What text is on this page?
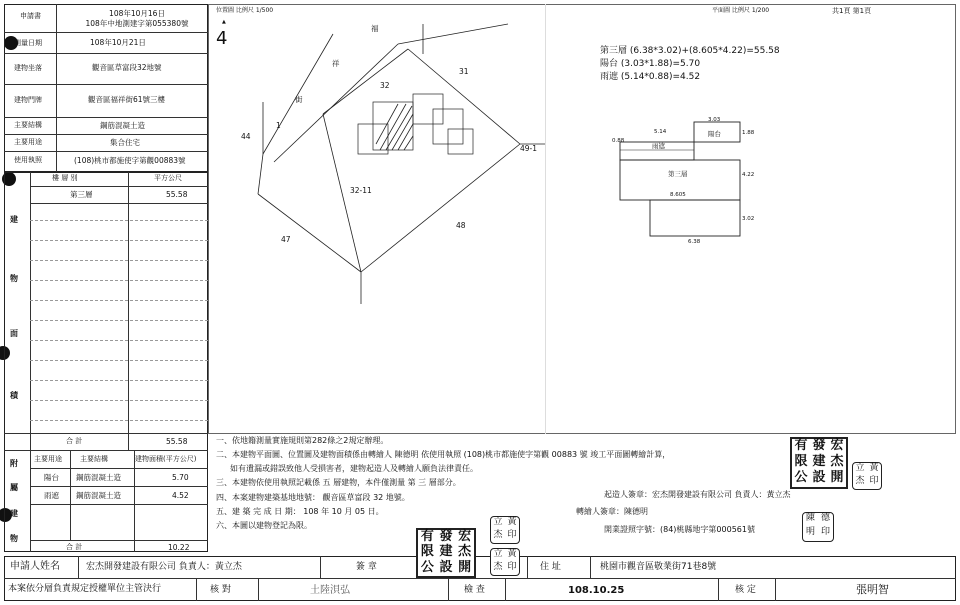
申請書	108年10月16日
108年中地測建字第055380號
測量日期	108年10月21日
建物坐落	觀音區草富段32地號
建物門牌	觀音區福祥街61號三樓
主要結構	鋼筋混凝土造
主要用途	集合住宅
使用執照	(108)桃市都施使字第觀00883號
樓 層 別	平方公尺
第三層	55.58
建
物
面
積
合 計	55.58
主要用途	主要結構	建物面積(平方公尺)
陽台 鋼筋混凝土造	5.70
雨遮 鋼筋混凝土造	4.52
附
屬
建
物
合 計	10.22
位置圖 比例尺 1/500	平面圖 比例尺 1/200	共1頁 第1頁
4
▲
福
祥
街
31
32
44
1
49-1
32-11
47
48
第三層 (6.38*3.02)+(8.605*4.22)=55.58
陽台 (3.03*1.88)=5.70
雨遮 (5.14*0.88)=4.52
3.03
5.14	1.88
0.88
4.22
8.605
3.02
6.38
第三層
陽台
雨遮
一、依地籍測量實施規則第282條之2規定辦理。
二、本建物平面圖、位置圖及建物面積係由轉繪人 陳德明 依使用執照 (108)桃市都施使字第觀 00883 號 竣工平面圖轉繪計算，
如有遺漏或錯誤致他人受損害者，建物起造人及轉繪人願負法律責任。
三、本建物依使用執照記載係 五 層建物，本件僅測量 第 三 層部分。
四、本案建物建築基地地號： 觀音區草富段 32 地號。
五、建 築 完 成 日 期： 108 年 10 月 05 日。
六、本圖以建物登記為限。
起造人簽章：宏杰開發建設有限公司 負責人：黃立杰
轉繪人簽章：陳德明
開業證照字號：(84)桃縣地字第000561號
有 發 宏
限 建 杰
公 設 開
立 黃
杰 印
陳 德
明 印
申請人姓名	宏杰開發建設有限公司 負責人：黃立杰	簽 章	住 址	桃園市觀音區敬業街71巷8號
本案依分層負責規定授權單位主管決行	核 對	土陸浿弘	檢 查	108.10.25	核 定	張明智
有 發 宏
限 建 杰
公 設 開
立 黃
杰 印
立 黃
杰 印
